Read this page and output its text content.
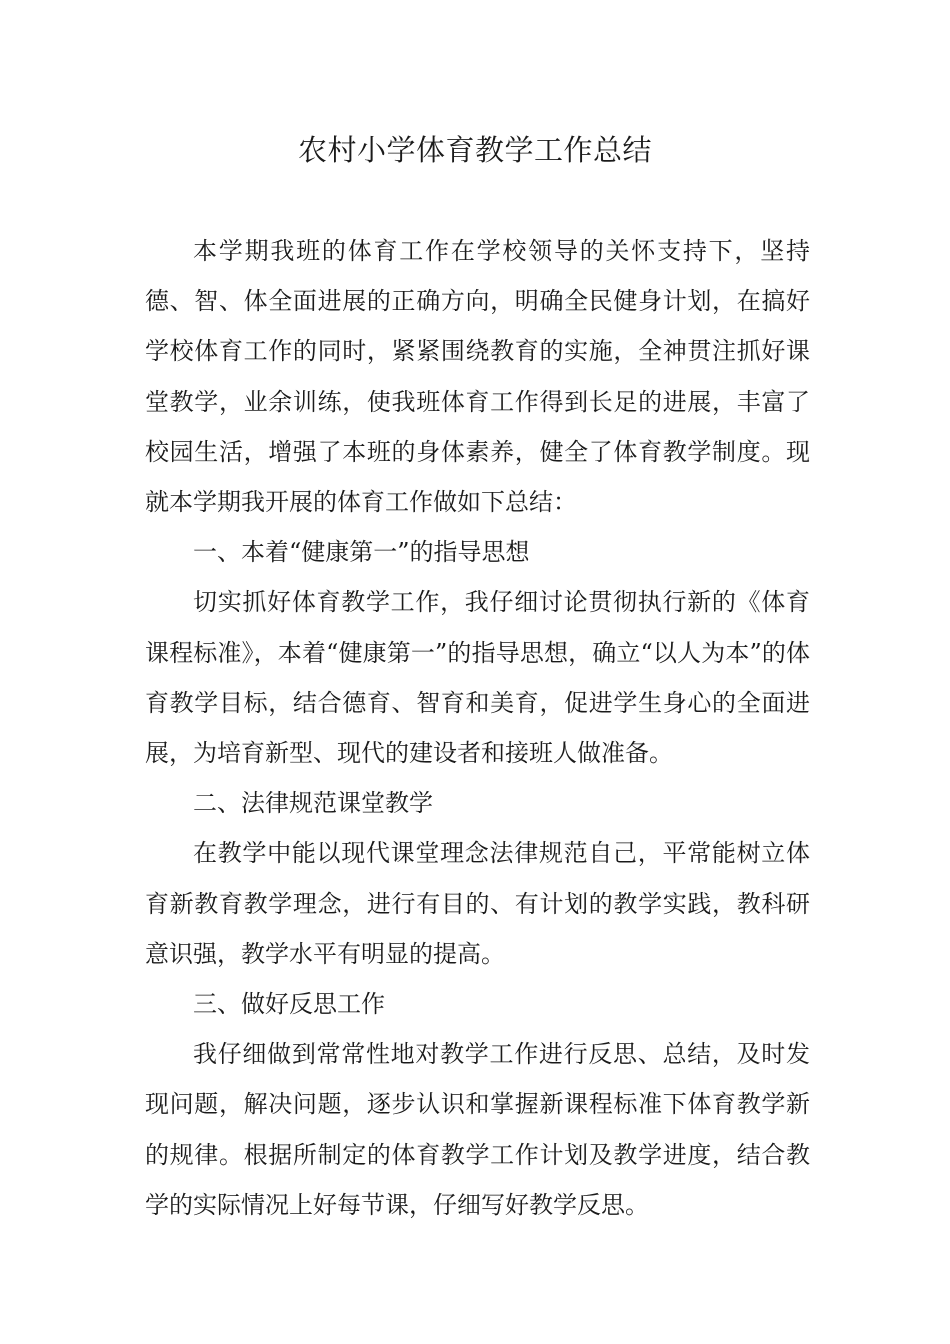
农村小学体育教学工作总结

本学期我班的体育工作在学校领导的关怀支持下，坚持德、智、体全面进展的正确方向，明确全民健身计划，在搞好学校体育工作的同时，紧紧围绕教育的实施，全神贯注抓好课堂教学，业余训练，使我班体育工作得到长足的进展，丰富了校园生活，增强了本班的身体素养，健全了体育教学制度。现就本学期我开展的体育工作做如下总结：

一、本着“健康第一”的指导思想

切实抓好体育教学工作，我仔细讨论贯彻执行新的《体育课程标准》，本着“健康第一”的指导思想，确立“以人为本”的体育教学目标，结合德育、智育和美育，促进学生身心的全面进展，为培育新型、现代的建设者和接班人做准备。

二、法律规范课堂教学

在教学中能以现代课堂理念法律规范自己，平常能树立体育新教育教学理念，进行有目的、有计划的教学实践，教科研意识强，教学水平有明显的提高。

三、做好反思工作

我仔细做到常常性地对教学工作进行反思、总结，及时发现问题，解决问题，逐步认识和掌握新课程标准下体育教学新的规律。根据所制定的体育教学工作计划及教学进度，结合教学的实际情况上好每节课，仔细写好教学反思。
